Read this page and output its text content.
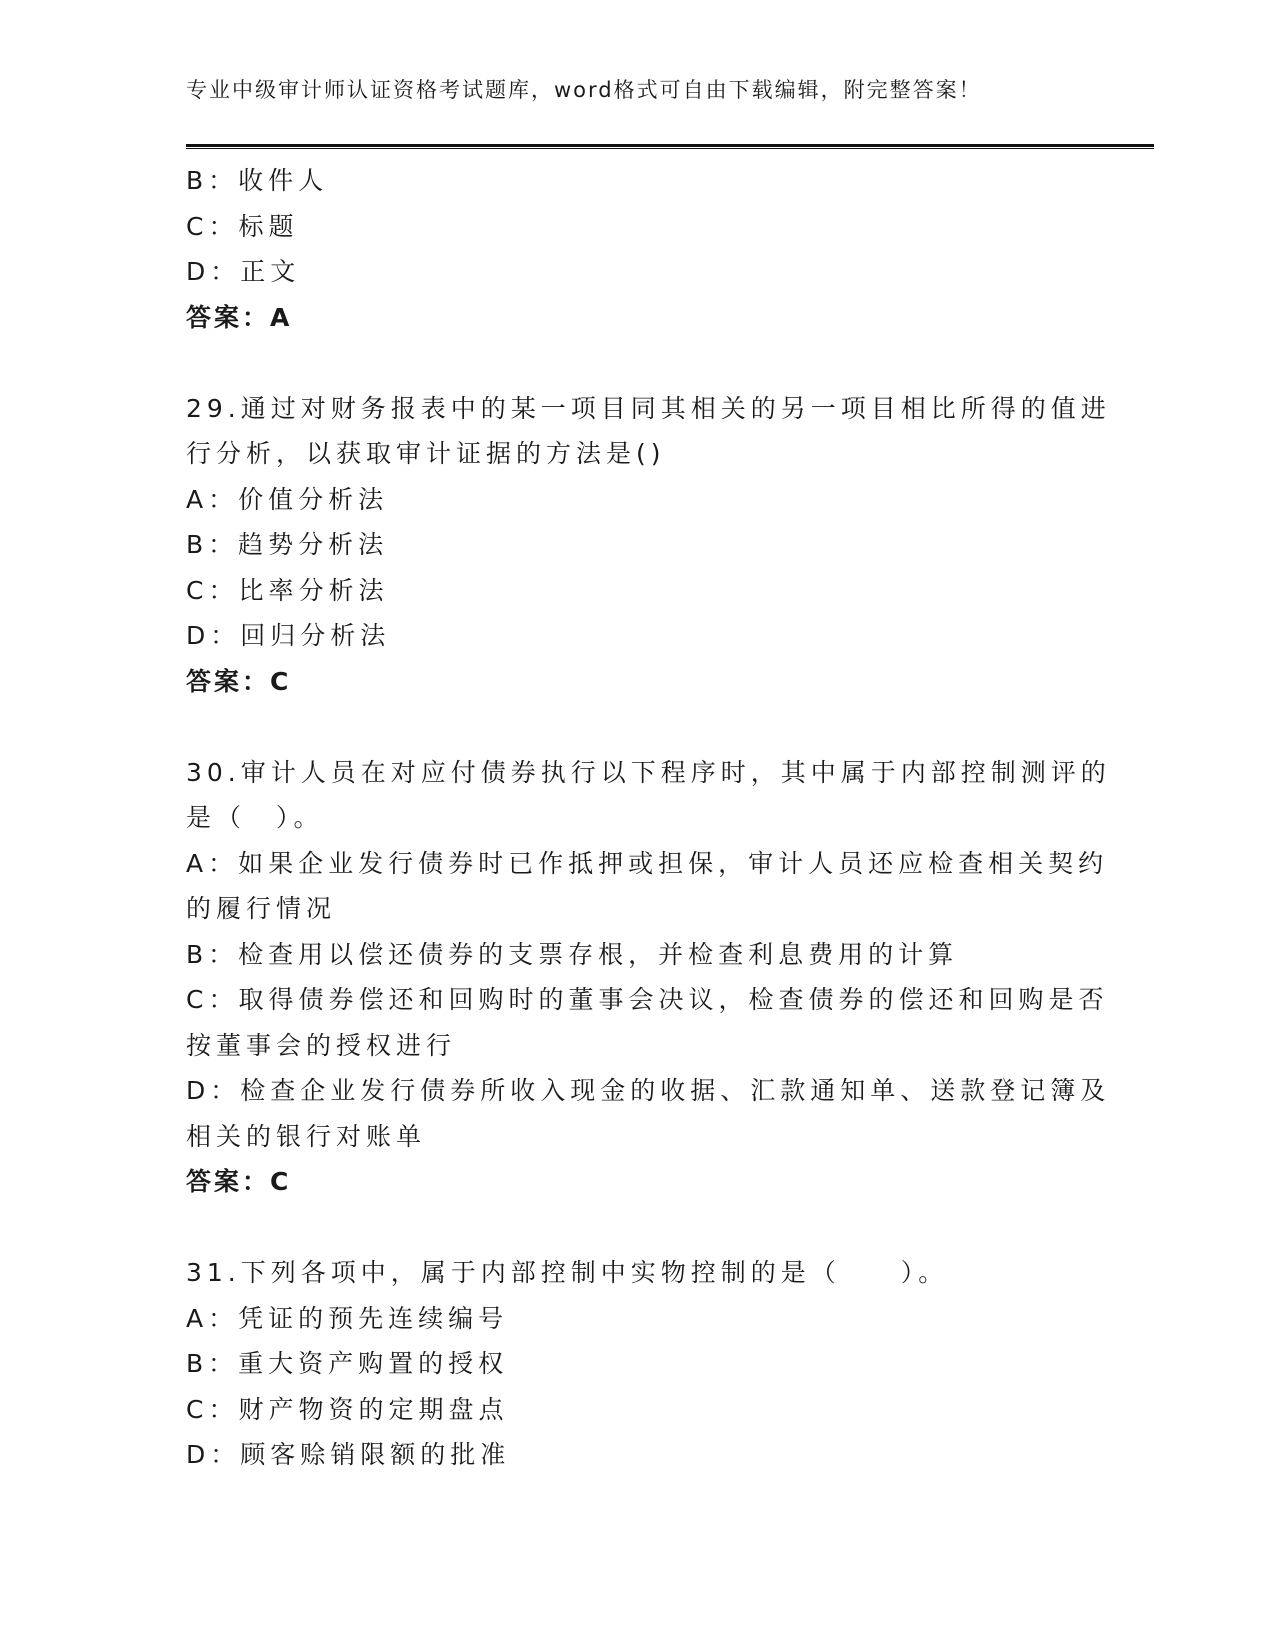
专业中级审计师认证资格考试题库，word格式可自由下载编辑，附完整答案！
B：收件人
C：标题
D：正文
答案：A
29.通过对财务报表中的某一项目同其相关的另一项目相比所得的值进
行分析，以获取审计证据的方法是()
A：价值分析法
B：趋势分析法
C：比率分析法
D：回归分析法
答案：C
30.审计人员在对应付债券执行以下程序时，其中属于内部控制测评的
是（　）。
A：如果企业发行债券时已作抵押或担保，审计人员还应检查相关契约
的履行情况
B：检查用以偿还债券的支票存根，并检查利息费用的计算
C：取得债券偿还和回购时的董事会决议，检查债券的偿还和回购是否
按董事会的授权进行
D：检查企业发行债券所收入现金的收据、汇款通知单、送款登记簿及
相关的银行对账单
答案：C
31.下列各项中，属于内部控制中实物控制的是（　　）。
A：凭证的预先连续编号
B：重大资产购置的授权
C：财产物资的定期盘点
D：顾客赊销限额的批准
